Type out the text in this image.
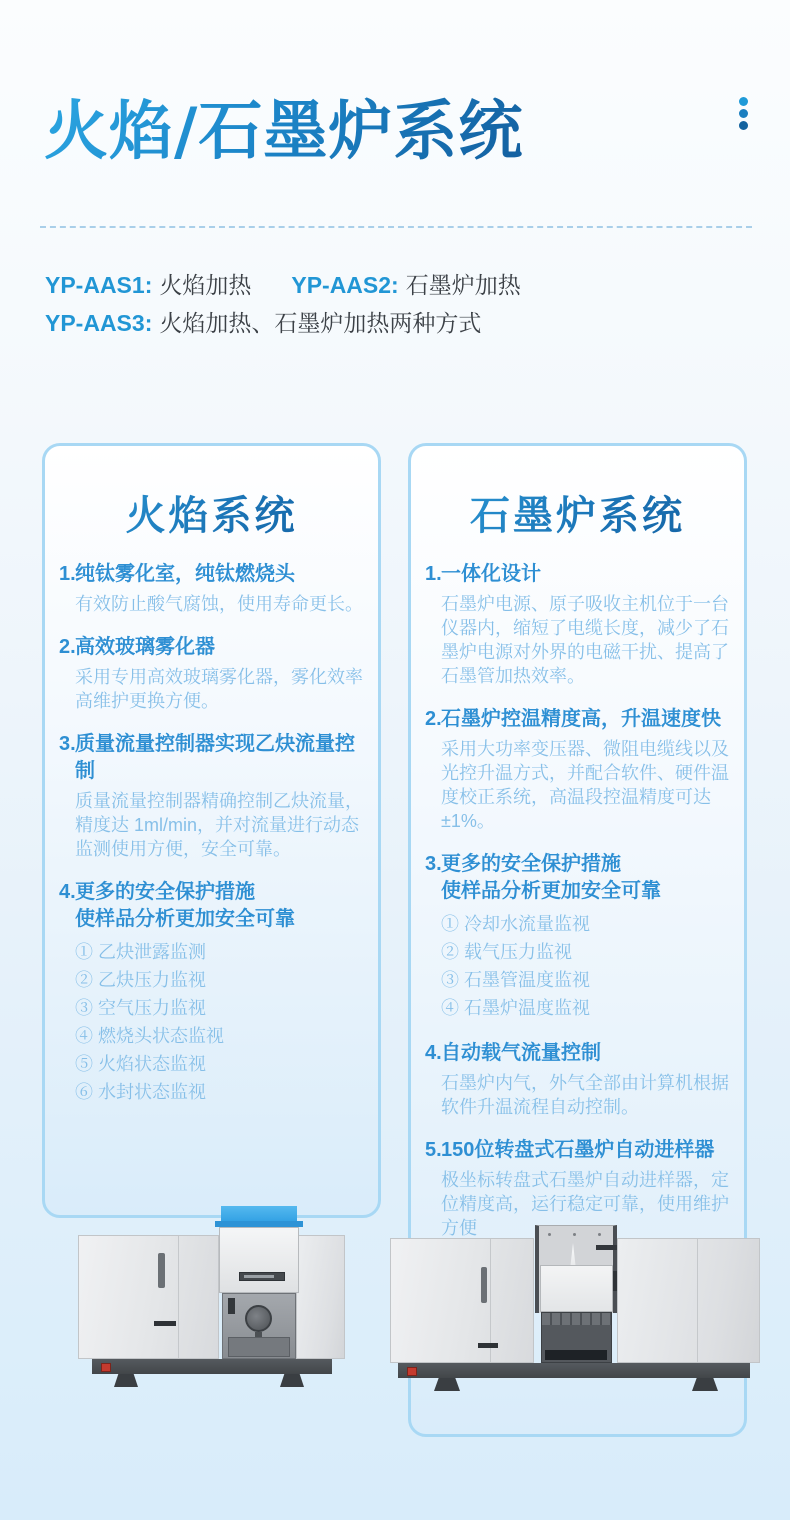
火焰/石墨炉系统
YP-AAS1: 火焰加热 YP-AAS2: 石墨炉加热
YP-AAS3: 火焰加热、石墨炉加热两种方式
火焰系统
1. 纯钛雾化室，纯钛燃烧头
有效防止酸气腐蚀，使用寿命更长。
2. 高效玻璃雾化器
采用专用高效玻璃雾化器，雾化效率高维护更换方便。
3. 质量流量控制器实现乙炔流量控制
质量流量控制器精确控制乙炔流量，精度达 1ml/min，并对流量进行动态监测使用方便，安全可靠。
4. 更多的安全保护措施
使样品分析更加安全可靠
① 乙炔泄露监测
② 乙炔压力监视
③ 空气压力监视
④ 燃烧头状态监视
⑤ 火焰状态监视
⑥ 水封状态监视
石墨炉系统
1. 一体化设计
石墨炉电源、原子吸收主机位于一台仪器内，缩短了电缆长度，减少了石墨炉电源对外界的电磁干扰、提高了石墨管加热效率。
2. 石墨炉控温精度高，升温速度快
采用大功率变压器、微阻电缆线以及光控升温方式，并配合软件、硬件温度校正系统，高温段控温精度可达±1%。
3. 更多的安全保护措施
使样品分析更加安全可靠
① 冷却水流量监视
② 载气压力监视
③ 石墨管温度监视
④ 石墨炉温度监视
4. 自动载气流量控制
石墨炉内气，外气全部由计算机根据软件升温流程自动控制。
5. 150位转盘式石墨炉自动进样器
极坐标转盘式石墨炉自动进样器，定位精度高，运行稳定可靠，使用维护方便
